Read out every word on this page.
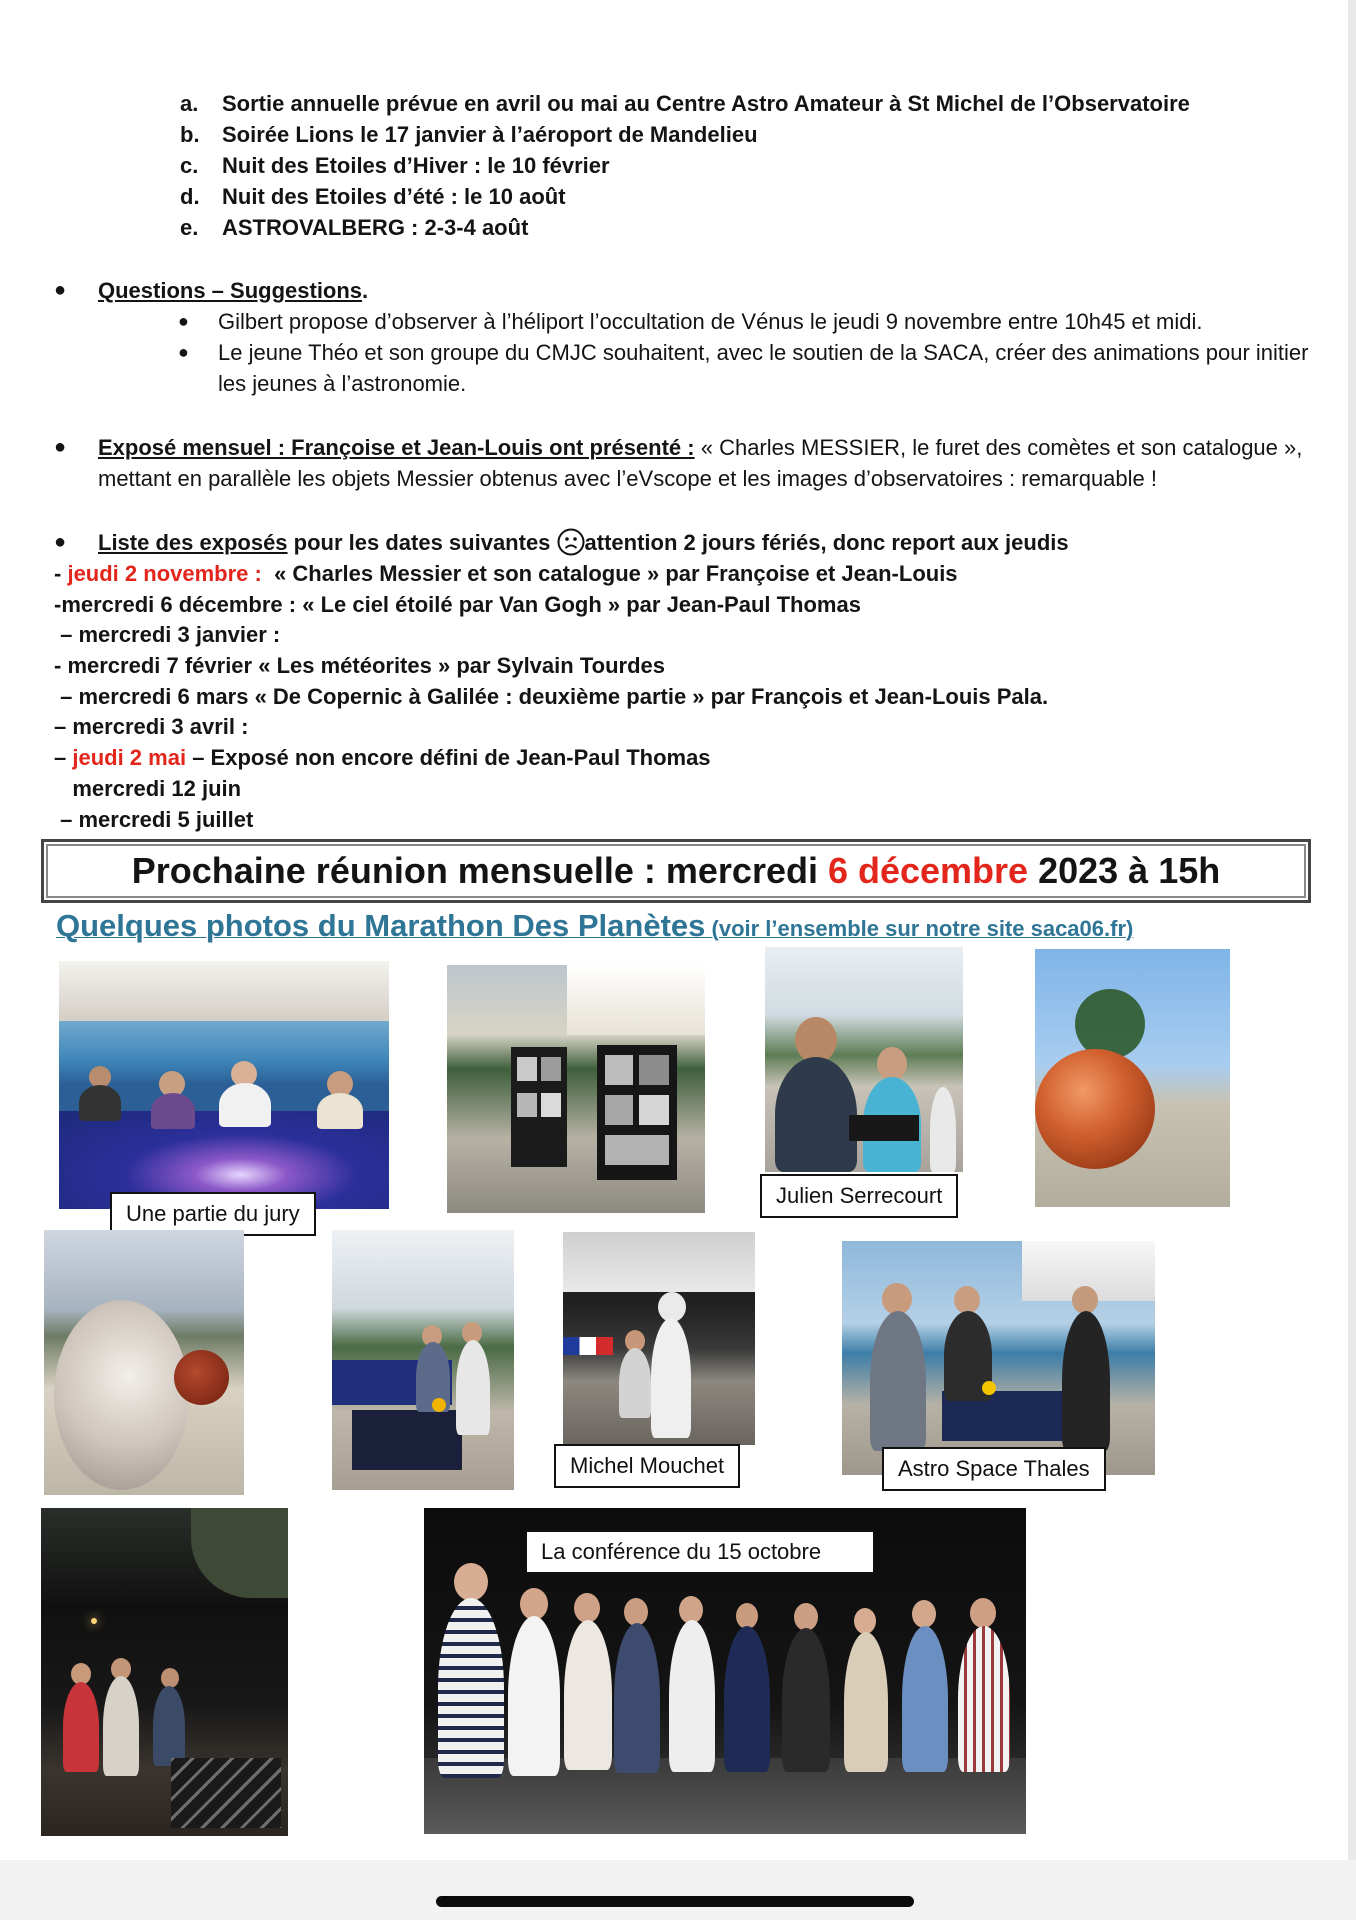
a.	Sortie annuelle prévue en avril ou mai au Centre Astro Amateur à St Michel de l’Observatoire
b.	Soirée Lions le 17 janvier à l’aéroport de Mandelieu
c.	Nuit des Etoiles d’Hiver : le 10 février
d.	Nuit des Etoiles d’été : le 10 août
e.	ASTROVALBERG : 2-3-4 août
● Questions – Suggestions.
● Gilbert propose d’observer à l’héliport l’occultation de Vénus le jeudi 9 novembre entre 10h45 et midi.
● Le jeune Théo et son groupe du CMJC souhaitent, avec le soutien de la SACA, créer des animations pour initier les jeunes à l’astronomie.
● Exposé mensuel : Françoise et Jean-Louis ont présenté : « Charles MESSIER, le furet des comètes et son catalogue », mettant en parallèle les objets Messier obtenus avec l’eVscope et les images d’observatoires : remarquable !
● Liste des exposés pour les dates suivantes attention 2 jours fériés, donc report aux jeudis
- jeudi 2 novembre :  « Charles Messier et son catalogue » par Françoise et Jean-Louis
-mercredi 6 décembre : « Le ciel étoilé par Van Gogh » par Jean-Paul Thomas
– mercredi 3 janvier :
- mercredi 7 février « Les météorites » par Sylvain Tourdes
– mercredi 6 mars « De Copernic à Galilée : deuxième partie » par François et Jean-Louis Pala.
– mercredi 3 avril :
– jeudi 2 mai – Exposé non encore défini de Jean-Paul Thomas
mercredi 12 juin
– mercredi 5 juillet
Prochaine réunion mensuelle : mercredi 6 décembre 2023 à 15h
Quelques photos du Marathon Des Planètes (voir l’ensemble sur notre site saca06.fr)
Une partie du jury
Julien Serrecourt
Michel Mouchet	Astro Space Thales
La conférence du 15 octobre
